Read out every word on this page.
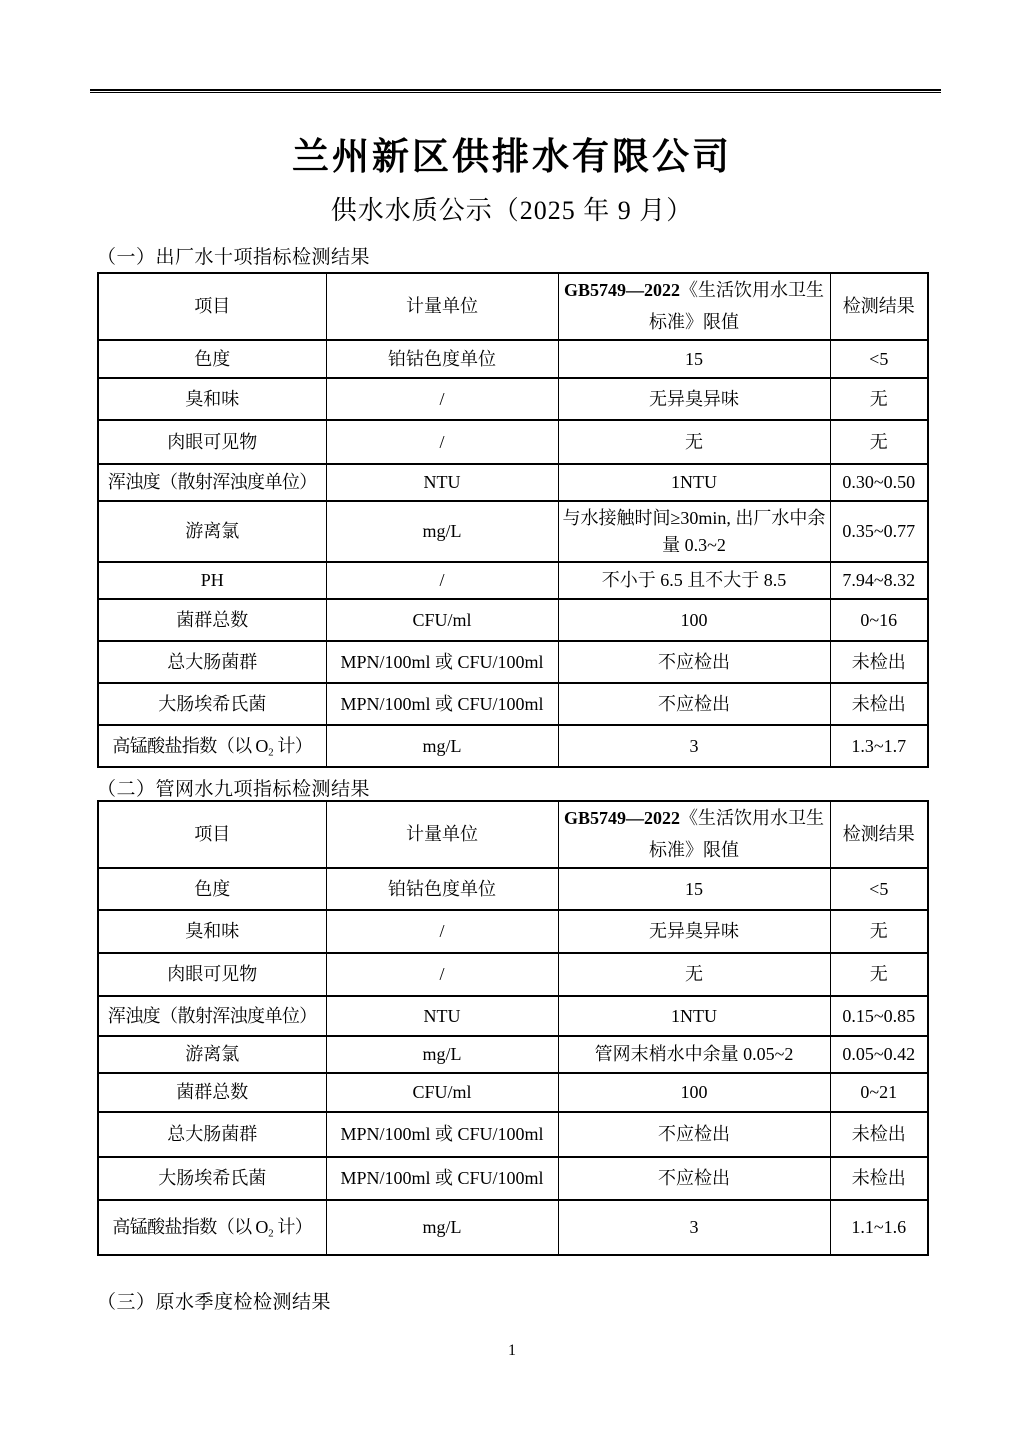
兰州新区供排水有限公司
供水水质公示（2025 年 9 月）
（一）出厂水十项指标检测结果
项目	计量单位	GB5749—2022《生活饮用水卫生标准》限值	检测结果
色度	铂钴色度单位	15	<5
臭和味	/	无异臭异味	无
肉眼可见物	/	无	无
浑浊度（散射浑浊度单位）	NTU	1NTU	0.30~0.50
游离氯	mg/L	与水接触时间≥30min, 出厂水中余量 0.3~2	0.35~0.77
PH	/	不小于 6.5 且不大于 8.5	7.94~8.32
菌群总数	CFU/ml	100	0~16
总大肠菌群	MPN/100ml 或 CFU/100ml	不应检出	未检出
大肠埃希氏菌	MPN/100ml 或 CFU/100ml	不应检出	未检出
高锰酸盐指数（以 O₂ 计）	mg/L	3	1.3~1.7
（二）管网水九项指标检测结果
项目	计量单位	GB5749—2022《生活饮用水卫生标准》限值	检测结果
色度	铂钴色度单位	15	<5
臭和味	/	无异臭异味	无
肉眼可见物	/	无	无
浑浊度（散射浑浊度单位）	NTU	1NTU	0.15~0.85
游离氯	mg/L	管网末梢水中余量 0.05~2	0.05~0.42
菌群总数	CFU/ml	100	0~21
总大肠菌群	MPN/100ml 或 CFU/100ml	不应检出	未检出
大肠埃希氏菌	MPN/100ml 或 CFU/100ml	不应检出	未检出
高锰酸盐指数（以 O₂ 计）	mg/L	3	1.1~1.6
（三）原水季度检检测结果
1
